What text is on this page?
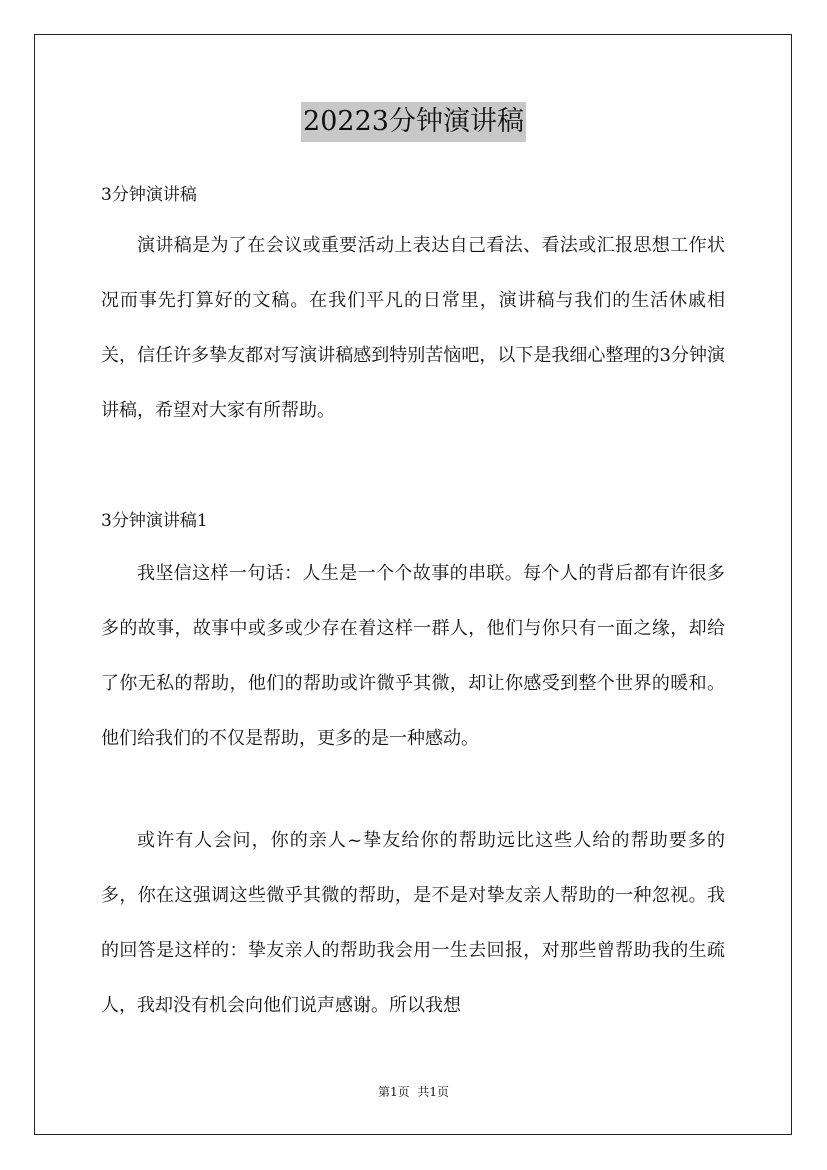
20223分钟演讲稿
3分钟演讲稿

演讲稿是为了在会议或重要活动上表达自己看法、看法或汇报思想工作状况而事先打算好的文稿。在我们平凡的日常里，演讲稿与我们的生活休戚相关，信任许多挚友都对写演讲稿感到特别苦恼吧，以下是我细心整理的3分钟演讲稿，希望对大家有所帮助。

3分钟演讲稿1

我坚信这样一句话：人生是一个个故事的串联。每个人的背后都有许很多多的故事，故事中或多或少存在着这样一群人，他们与你只有一面之缘，却给了你无私的帮助，他们的帮助或许微乎其微，却让你感受到整个世界的暖和。他们给我们的不仅是帮助，更多的是一种感动。

或许有人会问，你的亲人~挚友给你的帮助远比这些人给的帮助要多的多，你在这强调这些微乎其微的帮助，是不是对挚友亲人帮助的一种忽视。我的回答是这样的：挚友亲人的帮助我会用一生去回报，对那些曾帮助我的生疏人，我却没有机会向他们说声感谢。所以我想

第1页 共1页
